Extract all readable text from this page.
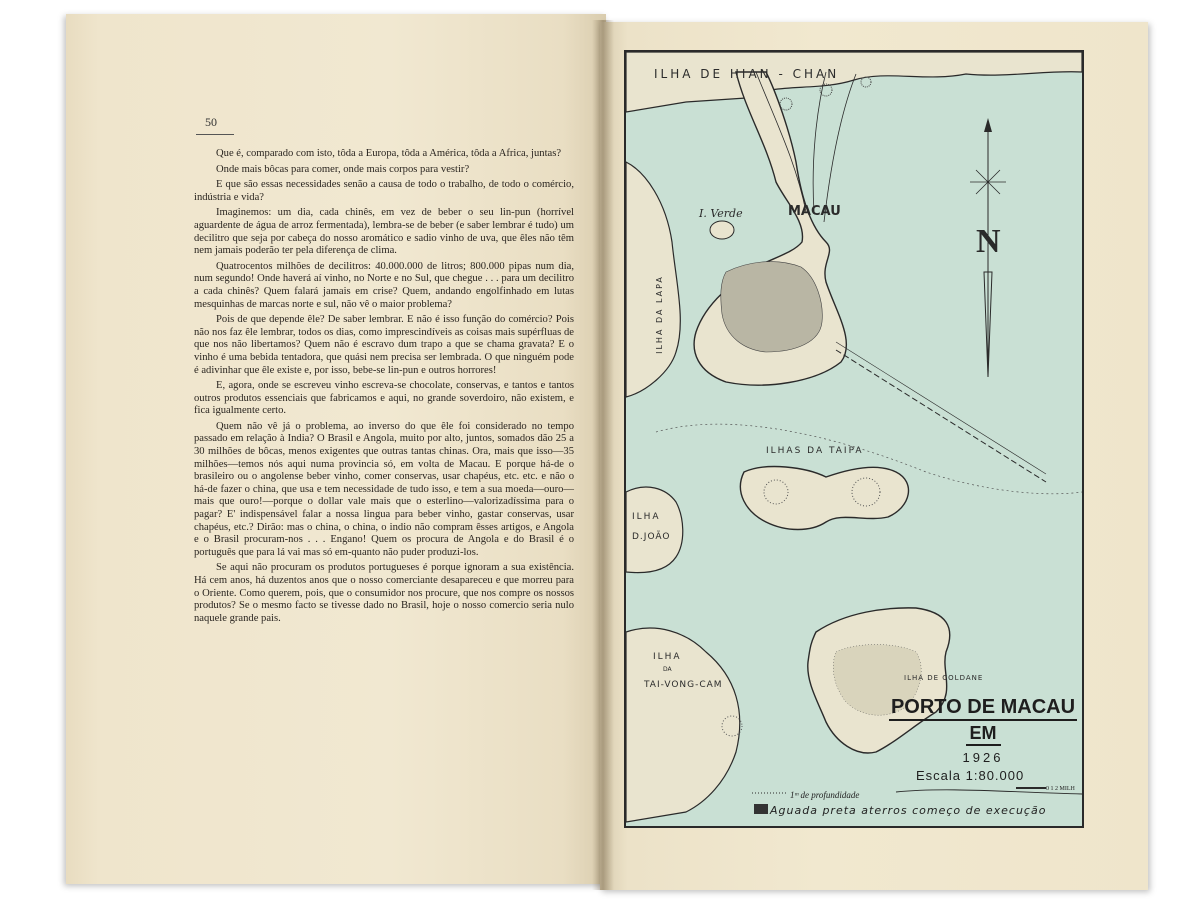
50

Que é, comparado com isto, tôda a Europa, tôda a América, tôda a Africa, juntas?

Onde mais bôcas para comer, onde mais corpos para vestir?

E que são essas necessidades senão a causa de todo o trabalho, de todo o comércio, indústria e vida?

Imaginemos: um dia, cada chinês, em vez de beber o seu lin-pun (horrível aguardente de água de arroz fermentada), lembra-se de beber (e saber lembrar é tudo) um decilitro que seja por cabeça do nosso aromático e sadio vinho de uva, que êles não têm nem jamais poderão ter pela diferença de clima.

Quatrocentos milhões de decilitros: 40.000.000 de litros; 800.000 pipas num dia, num segundo! Onde haverá aí vinho, no Norte e no Sul, que chegue . . . para um decilitro a cada chinês? Quem falará jamais em crise? Quem, andando engolfinhado em lutas mesquinhas de marcas norte e sul, não vê o maior problema?

Pois de que depende êle? De saber lembrar. E não é isso função do comércio? Pois não nos faz êle lembrar, todos os dias, como imprescindíveis as coisas mais supérfluas de que nos não libertamos? Quem não é escravo dum trapo a que se chama gravata? E o vinho é uma bebida tentadora, que quási nem precisa ser lembrada. O que ninguém pode é adivinhar que êle existe e, por isso, bebe-se lin-pun e outros horrores!

E, agora, onde se escreveu vinho escreva-se chocolate, conservas, e tantos e tantos outros produtos essenciais que fabricamos e aqui, no grande soverdoiro, não existem, e fica igualmente certo.

Quem não vê já o problema, ao inverso do que êle foi considerado no tempo passado em relação à India? O Brasil e Angola, muito por alto, juntos, somados dão 25 a 30 milhões de bôcas, menos exigentes que outras tantas chinas. Ora, mais que isso—35 milhões—temos nós aqui numa provincia só, em volta de Macau. E porque há-de o brasileiro ou o angolense beber vinho, comer conservas, usar chapéus, etc. etc. e não o há-de fazer o china, que usa e tem necessidade de tudo isso, e tem a sua moeda—ouro—mais que ouro!—porque o dollar vale mais que o esterlino—valorizadíssima para o pagar? E' indispensável falar a nossa lingua para beber vinho, gastar conservas, usar chapéus, etc.? Dirão: mas o china, o china, o indio não compram êsses artigos, e Angola e o Brasil procuram-nos . . . Engano! Quem os procura de Angola e do Brasil é o português que para lá vai mas só em-quanto não puder produzi-los.

Se aqui não procuram os produtos portugueses é porque ignoram a sua existência. Há cem anos, há duzentos anos que o nosso comerciante desapareceu e que morreu para o Oriente. Como querem, pois, que o consumidor nos procure, que nos compre os nossos produtos? Se o mesmo facto se tivesse dado no Brasil, hoje o nosso comercio seria nulo naquele grande pais.

N
ILHA DE HIAN - CHAN
I. Verde	MACAU
ILHA DA LAPA
ILHAS DA TAIPA
ILHA
D.JOÃO
ILHA
DA
TAI-VONG-CAM
ILHA DE COLDANE
PORTO DE MACAU
EM
1926
Escala 1:80.000
0 1 2 MILH
1ᵐ de profundidade
Aguada preta aterros começo de execução
